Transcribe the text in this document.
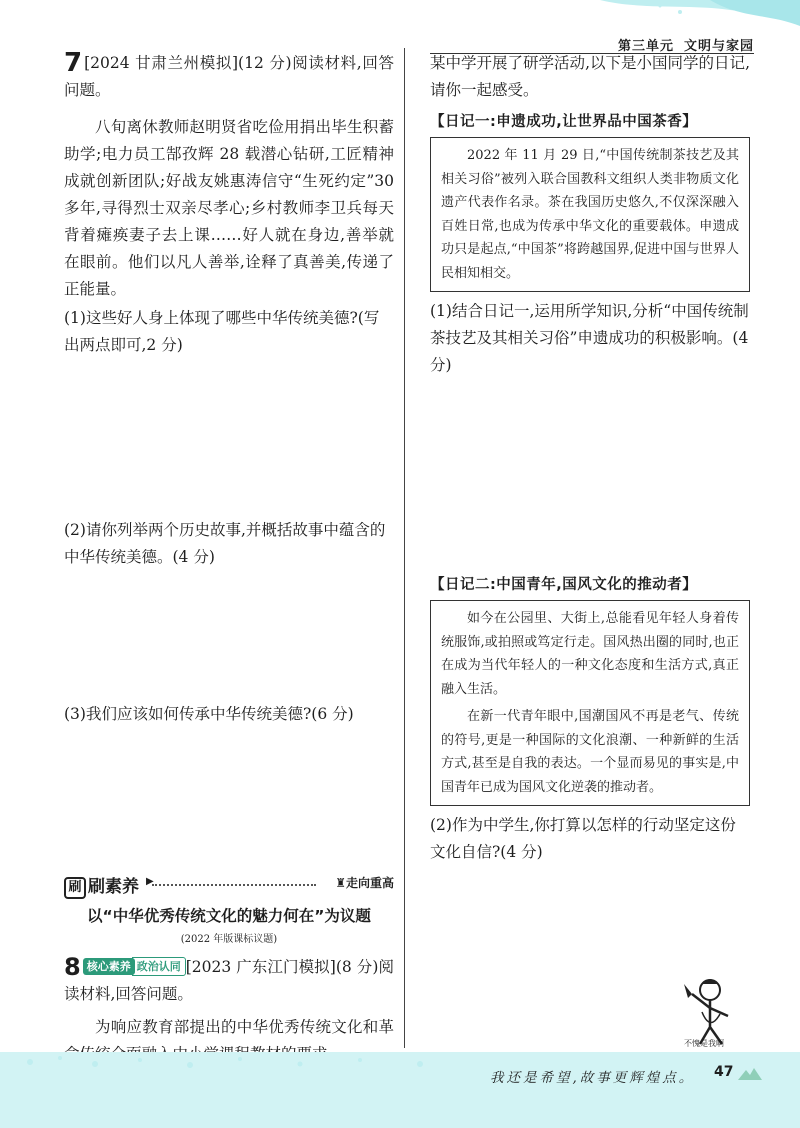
第三单元 文明与家园

7 [2024 甘肃兰州模拟](12 分)阅读材料,回答问题。

八旬离休教师赵明贤省吃俭用捐出毕生积蓄助学;电力员工郜孜辉 28 载潜心钻研,工匠精神成就创新团队;好战友姚惠涛信守“生死约定”30 多年,寻得烈士双亲尽孝心;乡村教师李卫兵每天背着瘫痪妻子去上课……好人就在身边,善举就在眼前。他们以凡人善举,诠释了真善美,传递了正能量。

(1)这些好人身上体现了哪些中华传统美德?(写出两点即可,2 分)

(2)请你列举两个历史故事,并概括故事中蕴含的中华传统美德。(4 分)

(3)我们应该如何传承中华传统美德?(6 分)

刷 刷素养 ▶	♜走向重高
以“中华优秀传统文化的魅力何在”为议题
(2022 年版课标议题)

8 核心素养 政治认同 [2023 广东江门模拟](8 分)阅读材料,回答问题。

为响应教育部提出的中华优秀传统文化和革

某中学开展了研学活动,以下是小国同学的日记,请你一起感受。

【日记一:申遗成功,让世界品中国茶香】

2022 年 11 月 29 日,“中国传统制茶技艺及其相关习俗”被列入联合国教科文组织人类非物质文化遗产代表作名录。茶在我国历史悠久,不仅深深融入百姓日常,也成为传承中华文化的重要载体。申遗成功只是起点,“中国茶”将跨越国界,促进中国与世界人民相知相交。

(1)结合日记一,运用所学知识,分析“中国传统制茶技艺及其相关习俗”申遗成功的积极影响。(4 分)

【日记二:中国青年,国风文化的推动者】

如今在公园里、大街上,总能看见年轻人身着传统服饰,或拍照或笃定行走。国风热出圈的同时,也正在成为当代年轻人的一种文化态度和生活方式,真正融入生活。

在新一代青年眼中,国潮国风不再是老气、传统的符号,更是一种国际的文化浪潮、一种新鲜的生活方式,甚至是自我的表达。一个显而易见的事实是,中国青年已成为国风文化逆袭的推动者。

(2)作为中学生,你打算以怎样的行动坚定这份文化自信?(4 分)

不愧是我啊
我还是希望,故事更辉煌点。 47
